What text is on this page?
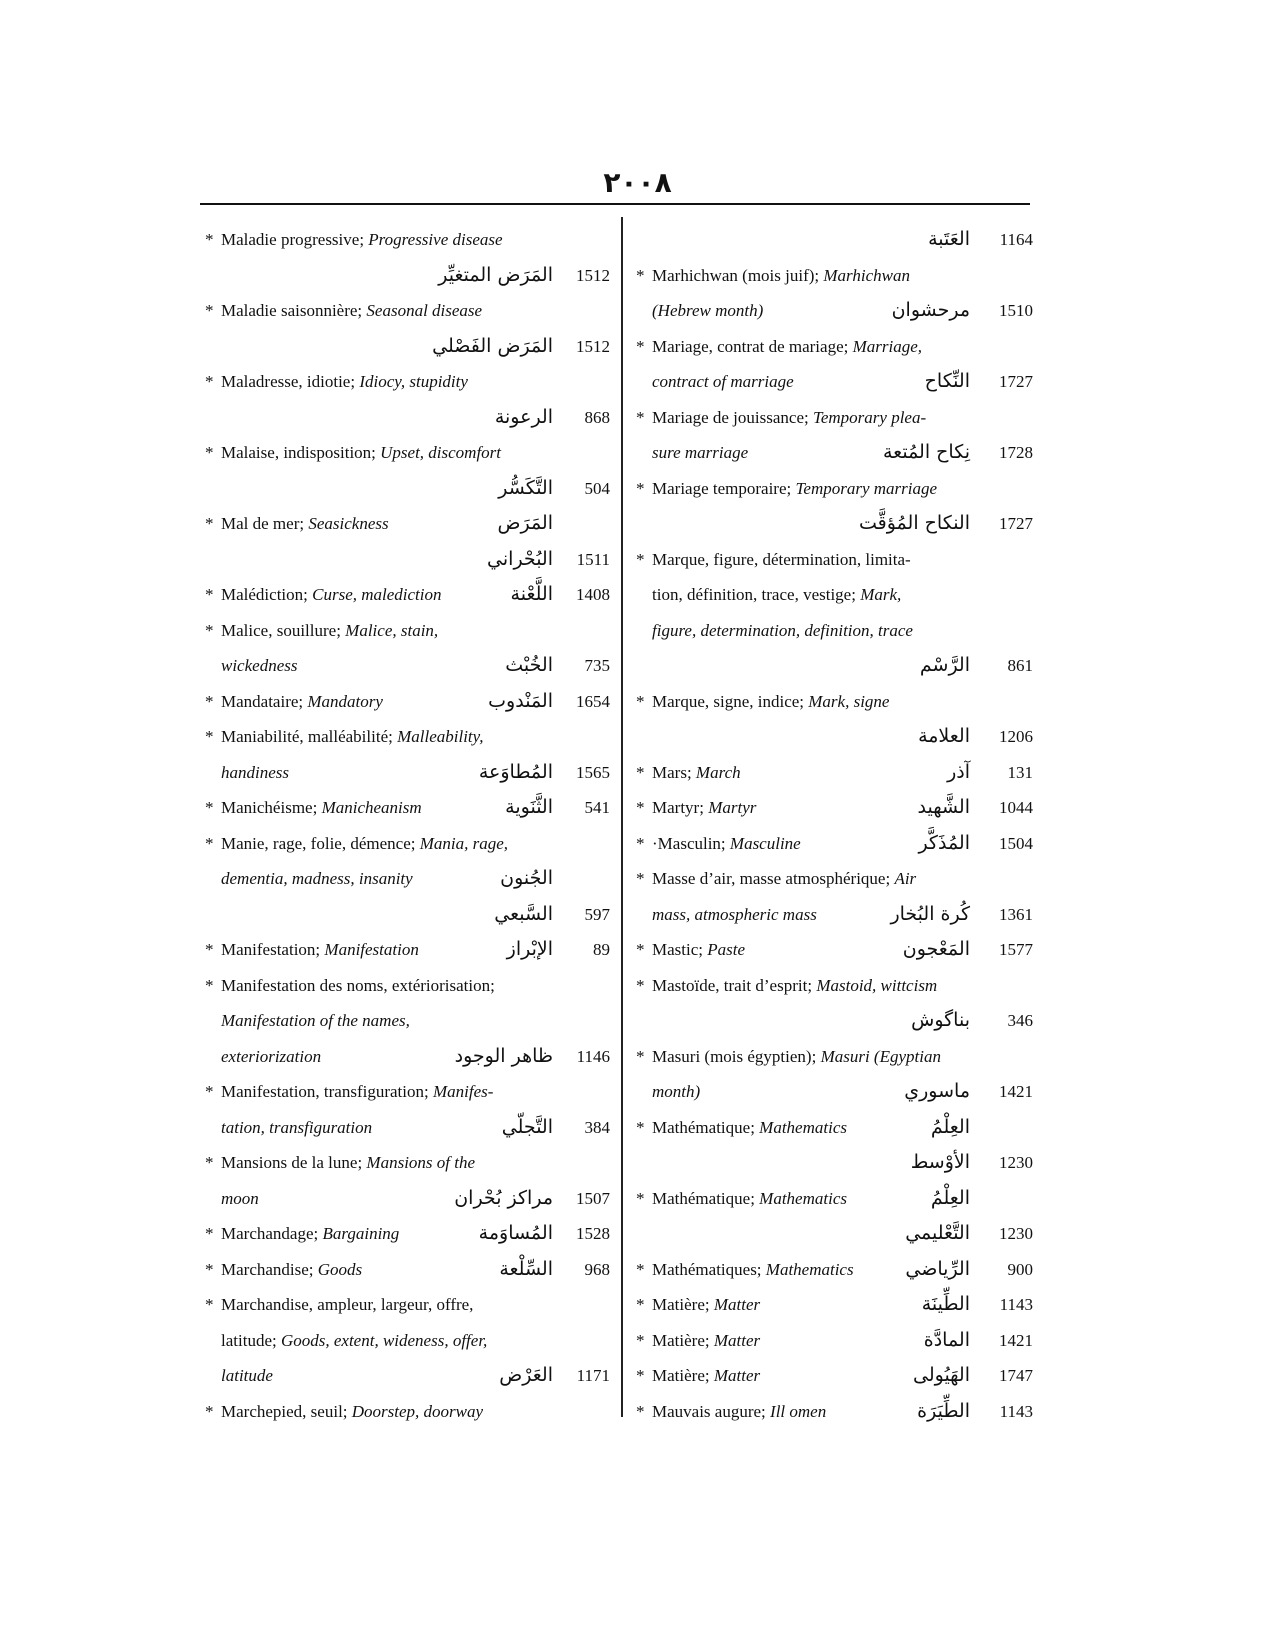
٢٠٠٨
* Maladie progressive; Progressive disease
المَرَض المتغيِّر	1512
* Maladie saisonnière; Seasonal disease
المَرَض الفَصْلي	1512
* Maladresse, idiotie; Idiocy, stupidity
الرعونة	868
* Malaise, indisposition; Upset, discomfort
التَّكَسُّر	504
* Mal de mer; Seasickness	المَرَض
البُحْراني	1511
* Malédiction; Curse, malediction	اللَّعْنة	1408
* Malice, souillure; Malice, stain,
wickedness	الخُبْث	735
* Mandataire; Mandatory	المَنْدوب	1654
* Maniabilité, malléabilité; Malleability,
handiness	المُطاوَعة	1565
* Manichéisme; Manicheanism	الثَّنَوية	541
* Manie, rage, folie, démence; Mania, rage,
dementia, madness, insanity	الجُنون
السَّبعي	597
* Manifestation; Manifestation	الإبْراز	89
* Manifestation des noms, extériorisation;
Manifestation of the names,
exteriorization	ظاهر الوجود	1146
* Manifestation, transfiguration; Manifes-
tation, transfiguration	التَّجلّي	384
* Mansions de la lune; Mansions of the
moon	مراكز بُحْران	1507
* Marchandage; Bargaining	المُساوَمة	1528
* Marchandise; Goods	السِّلْعة	968
* Marchandise, ampleur, largeur, offre,
latitude; Goods, extent, wideness, offer,
latitude	العَرْض	1171
* Marchepied, seuil; Doorstep, doorway
العَتَبة	1164
* Marhichwan (mois juif); Marhichwan
(Hebrew month)	مرحشوان	1510
* Mariage, contrat de mariage; Marriage,
contract of marriage	النِّكاح	1727
* Mariage de jouissance; Temporary plea-
sure marriage	نِكاح المُتعة	1728
* Mariage temporaire; Temporary marriage
النكاح المُؤقَّت	1727
* Marque, figure, détermination, limita-
tion, définition, trace, vestige; Mark,
figure, determination, definition, trace
الرَّسْم	861
* Marque, signe, indice; Mark, signe
العلامة	1206
* Mars; March	آذر	131
* Martyr; Martyr	الشَّهيد	1044
* ·Masculin; Masculine	المُذَكَّر	1504
* Masse d’air, masse atmosphérique; Air
mass, atmospheric mass	كُرة البُخار	1361
* Mastic; Paste	المَعْجون	1577
* Mastoïde, trait d’esprit; Mastoid, wittcism
بناگوش	346
* Masuri (mois égyptien); Masuri (Egyptian
month)	ماسوري	1421
* Mathématique; Mathematics	العِلْمُ
الأوْسط	1230
* Mathématique; Mathematics	العِلْمُ
التَّعْليمي	1230
* Mathématiques; Mathematics	الرِّياضي	900
* Matière; Matter	الطِّينَة	1143
* Matière; Matter	المادَّة	1421
* Matière; Matter	الهَيُولى	1747
* Mauvais augure; Ill omen	الطِّيَرَة	1143
